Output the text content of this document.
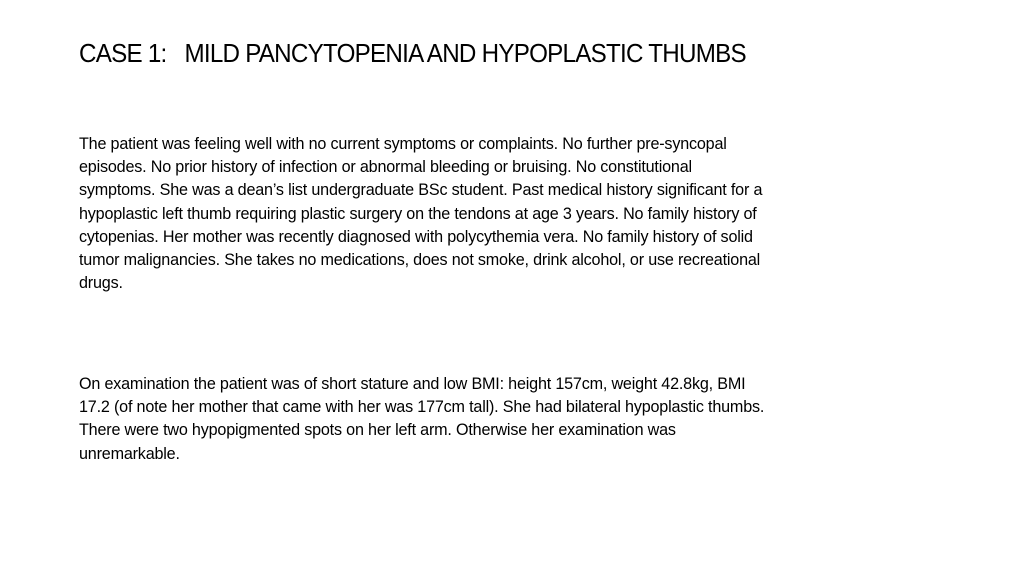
CASE 1:   MILD PANCYTOPENIA AND HYPOPLASTIC THUMBS

The patient was feeling well with no current symptoms or complaints. No further pre-syncopal
episodes. No prior history of infection or abnormal bleeding or bruising. No constitutional
symptoms. She was a dean’s list undergraduate BSc student. Past medical history significant for a
hypoplastic left thumb requiring plastic surgery on the tendons at age 3 years. No family history of
cytopenias. Her mother was recently diagnosed with polycythemia vera. No family history of solid
tumor malignancies. She takes no medications, does not smoke, drink alcohol, or use recreational
drugs.

On examination the patient was of short stature and low BMI: height 157cm, weight 42.8kg, BMI
17.2 (of note her mother that came with her was 177cm tall). She had bilateral hypoplastic thumbs.
There were two hypopigmented spots on her left arm. Otherwise her examination was
unremarkable.
